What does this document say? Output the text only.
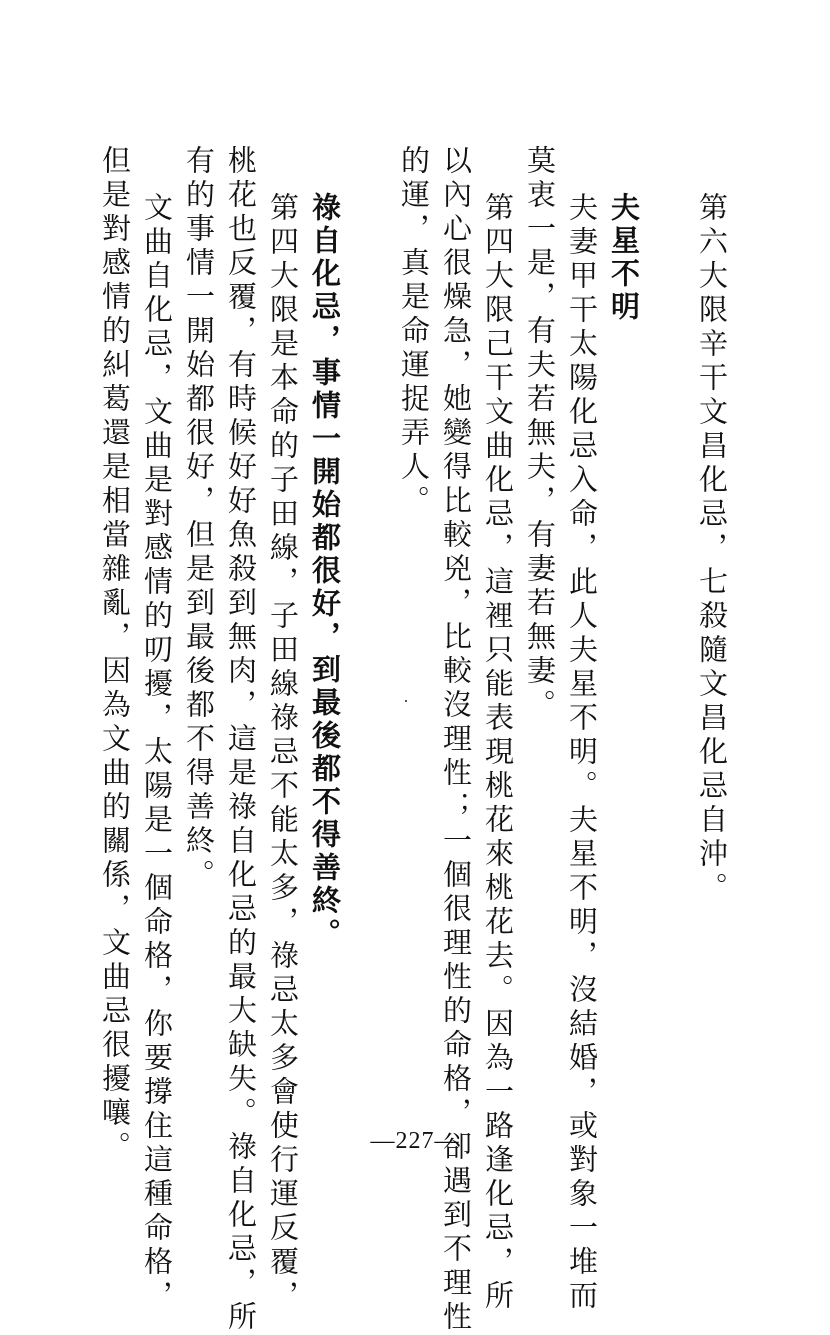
第六大限辛干文昌化忌，七殺隨文昌化忌自沖。
夫星不明
夫妻甲干太陽化忌入命，此人夫星不明。夫星不明，沒結婚，或對象一堆而
莫衷一是，有夫若無夫，有妻若無妻。
第四大限己干文曲化忌，這裡只能表現桃花來桃花去。因為一路逢化忌，所
以內心很燥急，她變得比較兇，比較沒理性；一個很理性的命格，卻遇到不理性
的運，真是命運捉弄人。
祿自化忌，事情一開始都很好，到最後都不得善終。
第四大限是本命的子田線，子田線祿忌不能太多，祿忌太多會使行運反覆，
桃花也反覆，有時候好好魚殺到無肉，這是祿自化忌的最大缺失。祿自化忌，所
有的事情一開始都很好，但是到最後都不得善終。
文曲自化忌，文曲是對感情的叨擾，太陽是一個命格，你要撐住這種命格，
但是對感情的糾葛還是相當雜亂，因為文曲的關係，文曲忌很擾嚷。	—227—
